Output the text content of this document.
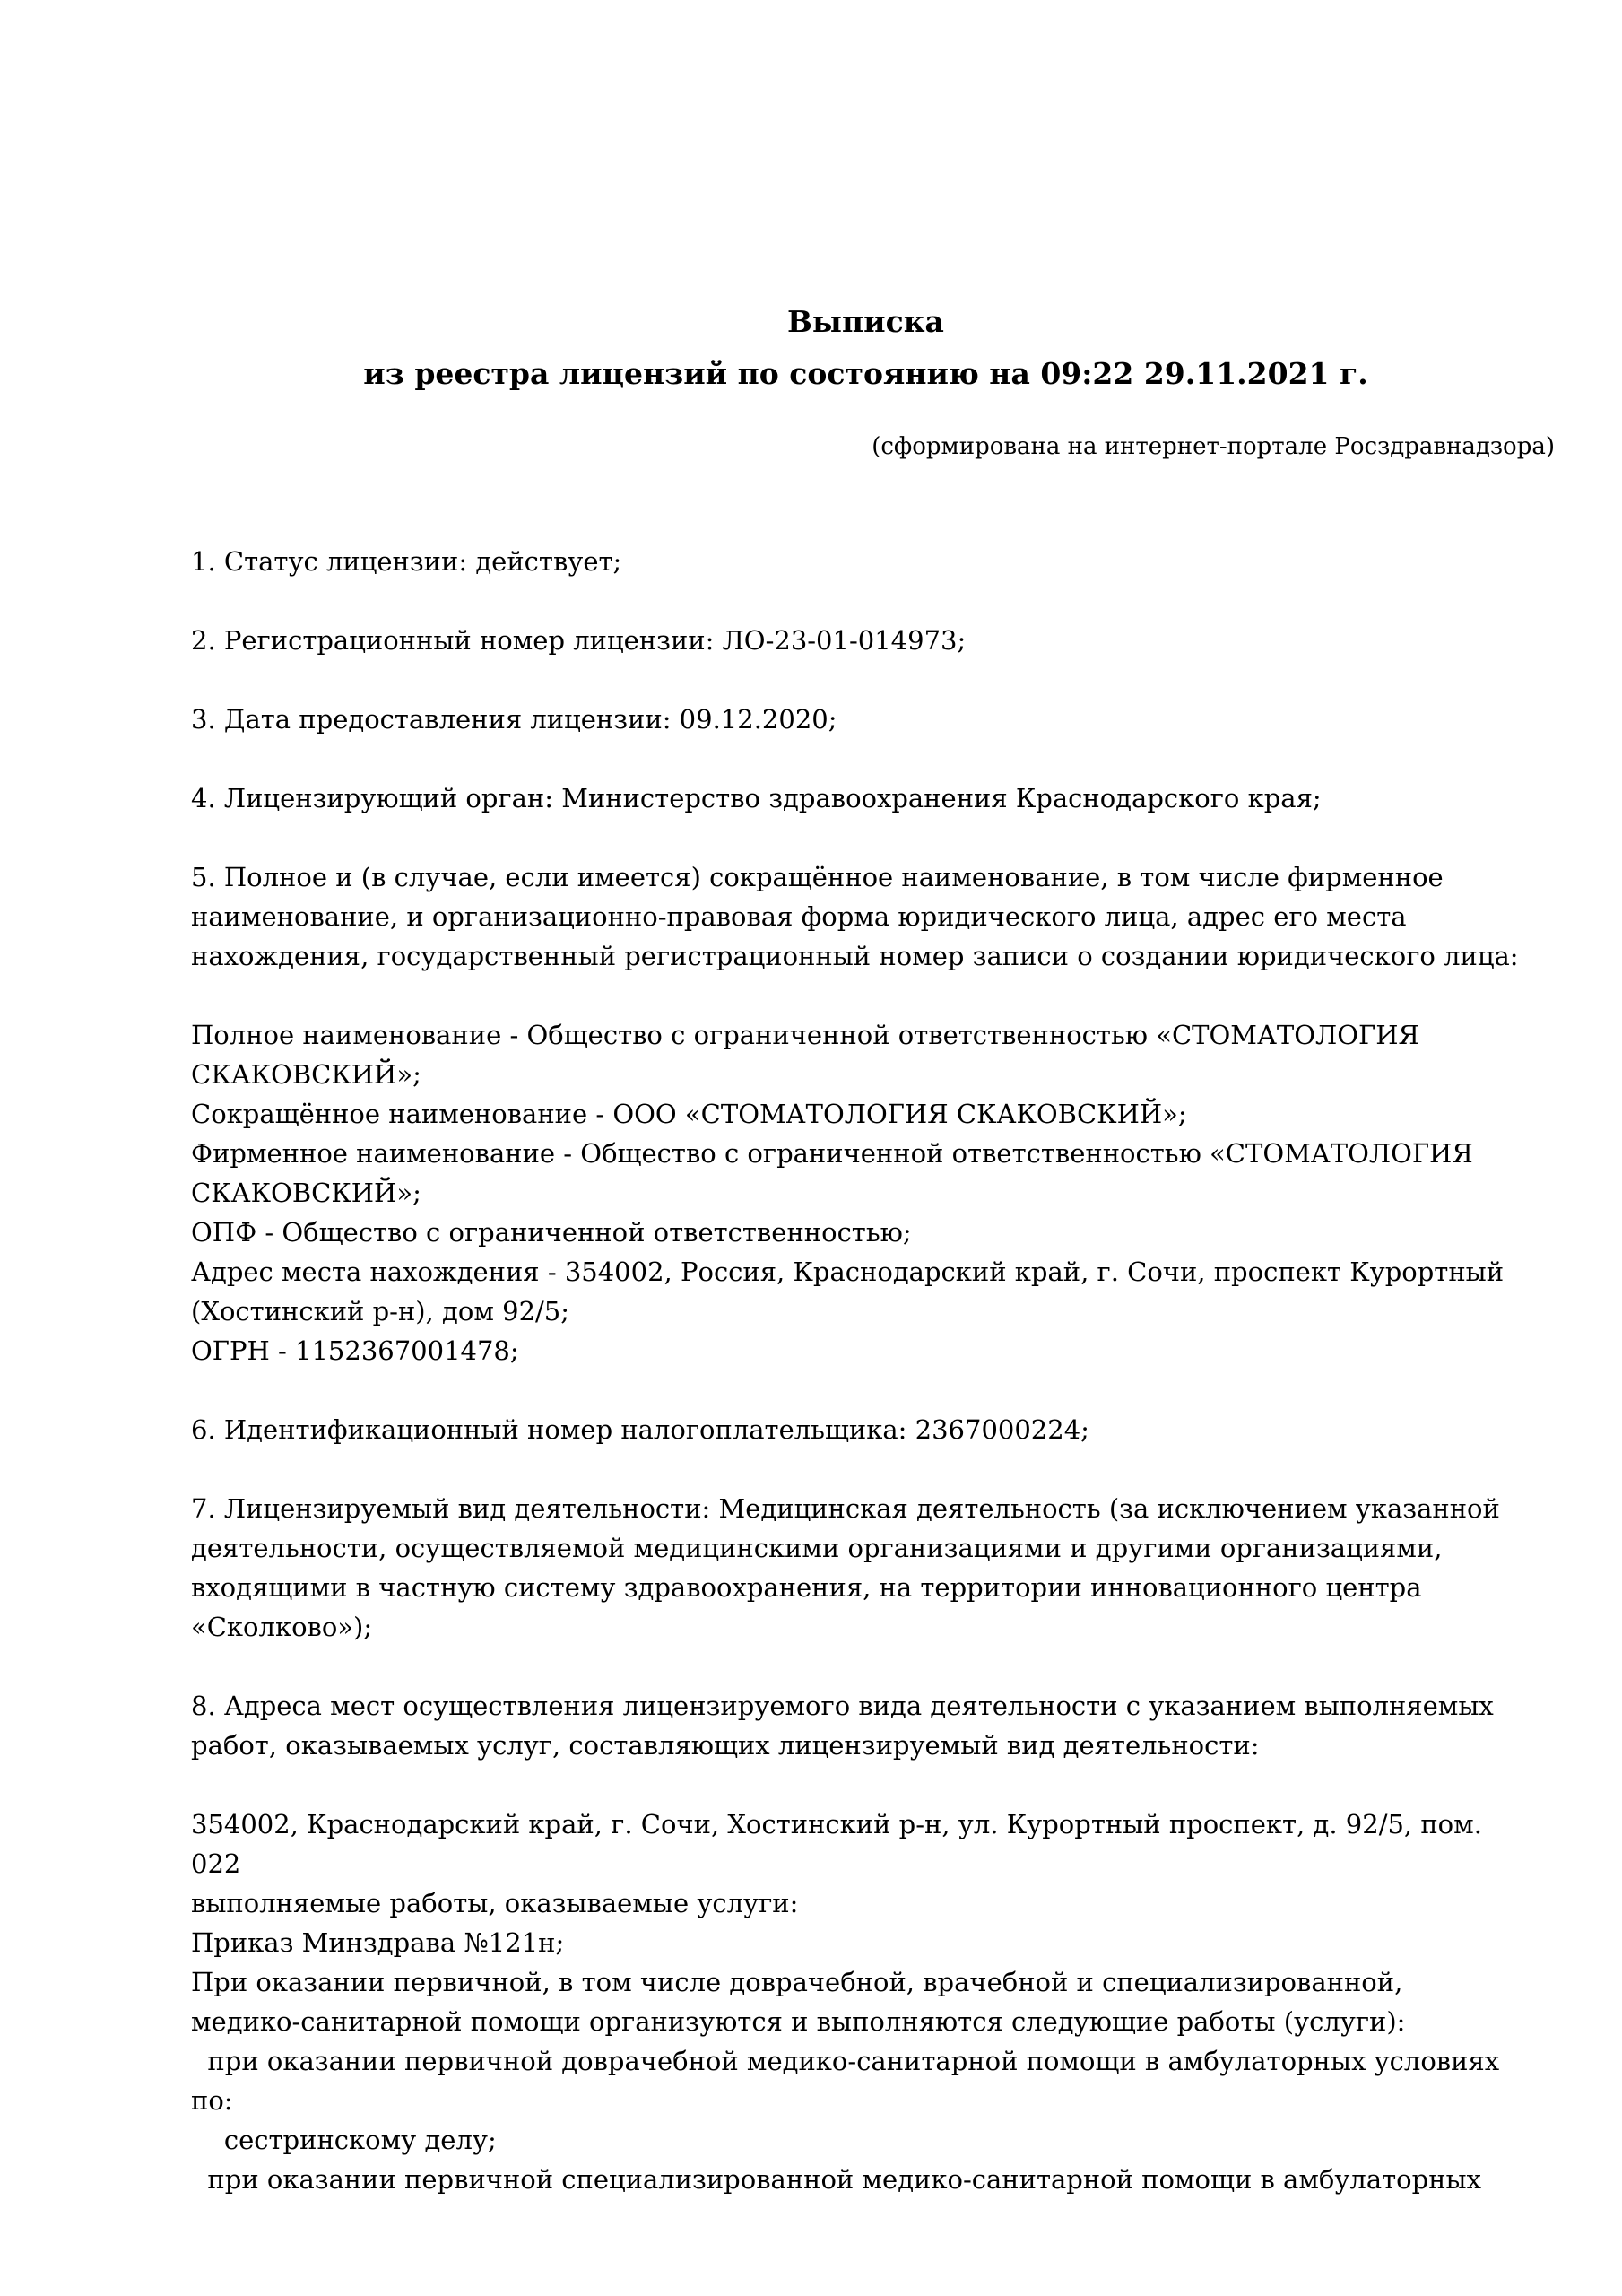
Выписка
из реестра лицензий по состоянию на 09:22 29.11.2021 г.
(сформирована на интернет-портале Росздравнадзора)
1. Статус лицензии: действует;
2. Регистрационный номер лицензии: ЛО-23-01-014973;
3. Дата предоставления лицензии: 09.12.2020;
4. Лицензирующий орган: Министерство здравоохранения Краснодарского края;
5. Полное и (в случае, если имеется) сокращённое наименование, в том числе фирменное
наименование, и организационно-правовая форма юридического лица, адрес его места
нахождения, государственный регистрационный номер записи о создании юридического лица:
Полное наименование - Общество с ограниченной ответственностью «СТОМАТОЛОГИЯ
СКАКОВСКИЙ»;
Сокращённое наименование - ООО «СТОМАТОЛОГИЯ СКАКОВСКИЙ»;
Фирменное наименование - Общество с ограниченной ответственностью «СТОМАТОЛОГИЯ
СКАКОВСКИЙ»;
ОПФ - Общество с ограниченной ответственностью;
Адрес места нахождения - 354002, Россия, Краснодарский край, г. Сочи, проспект Курортный
(Хостинский р-н), дом 92/5;
ОГРН - 1152367001478;
6. Идентификационный номер налогоплательщика: 2367000224;
7. Лицензируемый вид деятельности: Медицинская деятельность (за исключением указанной
деятельности, осуществляемой медицинскими организациями и другими организациями,
входящими в частную систему здравоохранения, на территории инновационного центра
«Сколково»);
8. Адреса мест осуществления лицензируемого вида деятельности с указанием выполняемых
работ, оказываемых услуг, составляющих лицензируемый вид деятельности:
354002, Краснодарский край, г. Сочи, Хостинский р-н, ул. Курортный проспект, д. 92/5, пом.
022
выполняемые работы, оказываемые услуги:
Приказ Минздрава №121н;
При оказании первичной, в том числе доврачебной, врачебной и специализированной,
медико-санитарной помощи организуются и выполняются следующие работы (услуги):
при оказании первичной доврачебной медико-санитарной помощи в амбулаторных условиях
по:
сестринскому делу;
при оказании первичной специализированной медико-санитарной помощи в амбулаторных
